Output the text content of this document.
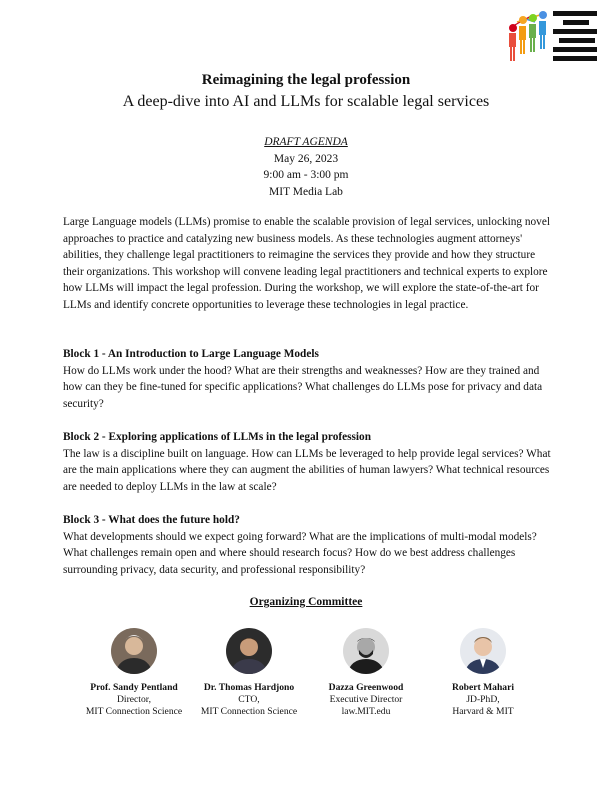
Reimagining the legal profession
A deep-dive into AI and LLMs for scalable legal services
DRAFT AGENDA
May 26, 2023
9:00 am - 3:00 pm
MIT Media Lab
Large Language models (LLMs) promise to enable the scalable provision of legal services, unlocking novel approaches to practice and catalyzing new business models. As these technologies augment attorneys' abilities, they challenge legal practitioners to reimagine the services they provide and how they structure their organizations. This workshop will convene leading legal practitioners and technical experts to explore how LLMs will impact the legal profession. During the workshop, we will explore the state-of-the-art for LLMs and identify concrete opportunities to leverage these technologies in legal practice.
Block 1 - An Introduction to Large Language Models
How do LLMs work under the hood? What are their strengths and weaknesses? How are they trained and how can they be fine-tuned for specific applications? What challenges do LLMs pose for privacy and data security?
Block 2 - Exploring applications of LLMs in the legal profession
The law is a discipline built on language. How can LLMs be leveraged to help provide legal services? What are the main applications where they can augment the abilities of human lawyers? What technical resources are needed to deploy LLMs in the law at scale?
Block 3 - What does the future hold?
What developments should we expect going forward? What are the implications of multi-modal models? What challenges remain open and where should research focus? How do we best address challenges surrounding privacy, data security, and professional responsibility?
Organizing Committee
Prof. Sandy Pentland
Director,
MIT Connection Science
Dr. Thomas Hardjono
CTO,
MIT Connection Science
Dazza Greenwood
Executive Director
law.MIT.edu
Robert Mahari
JD-PhD,
Harvard & MIT
